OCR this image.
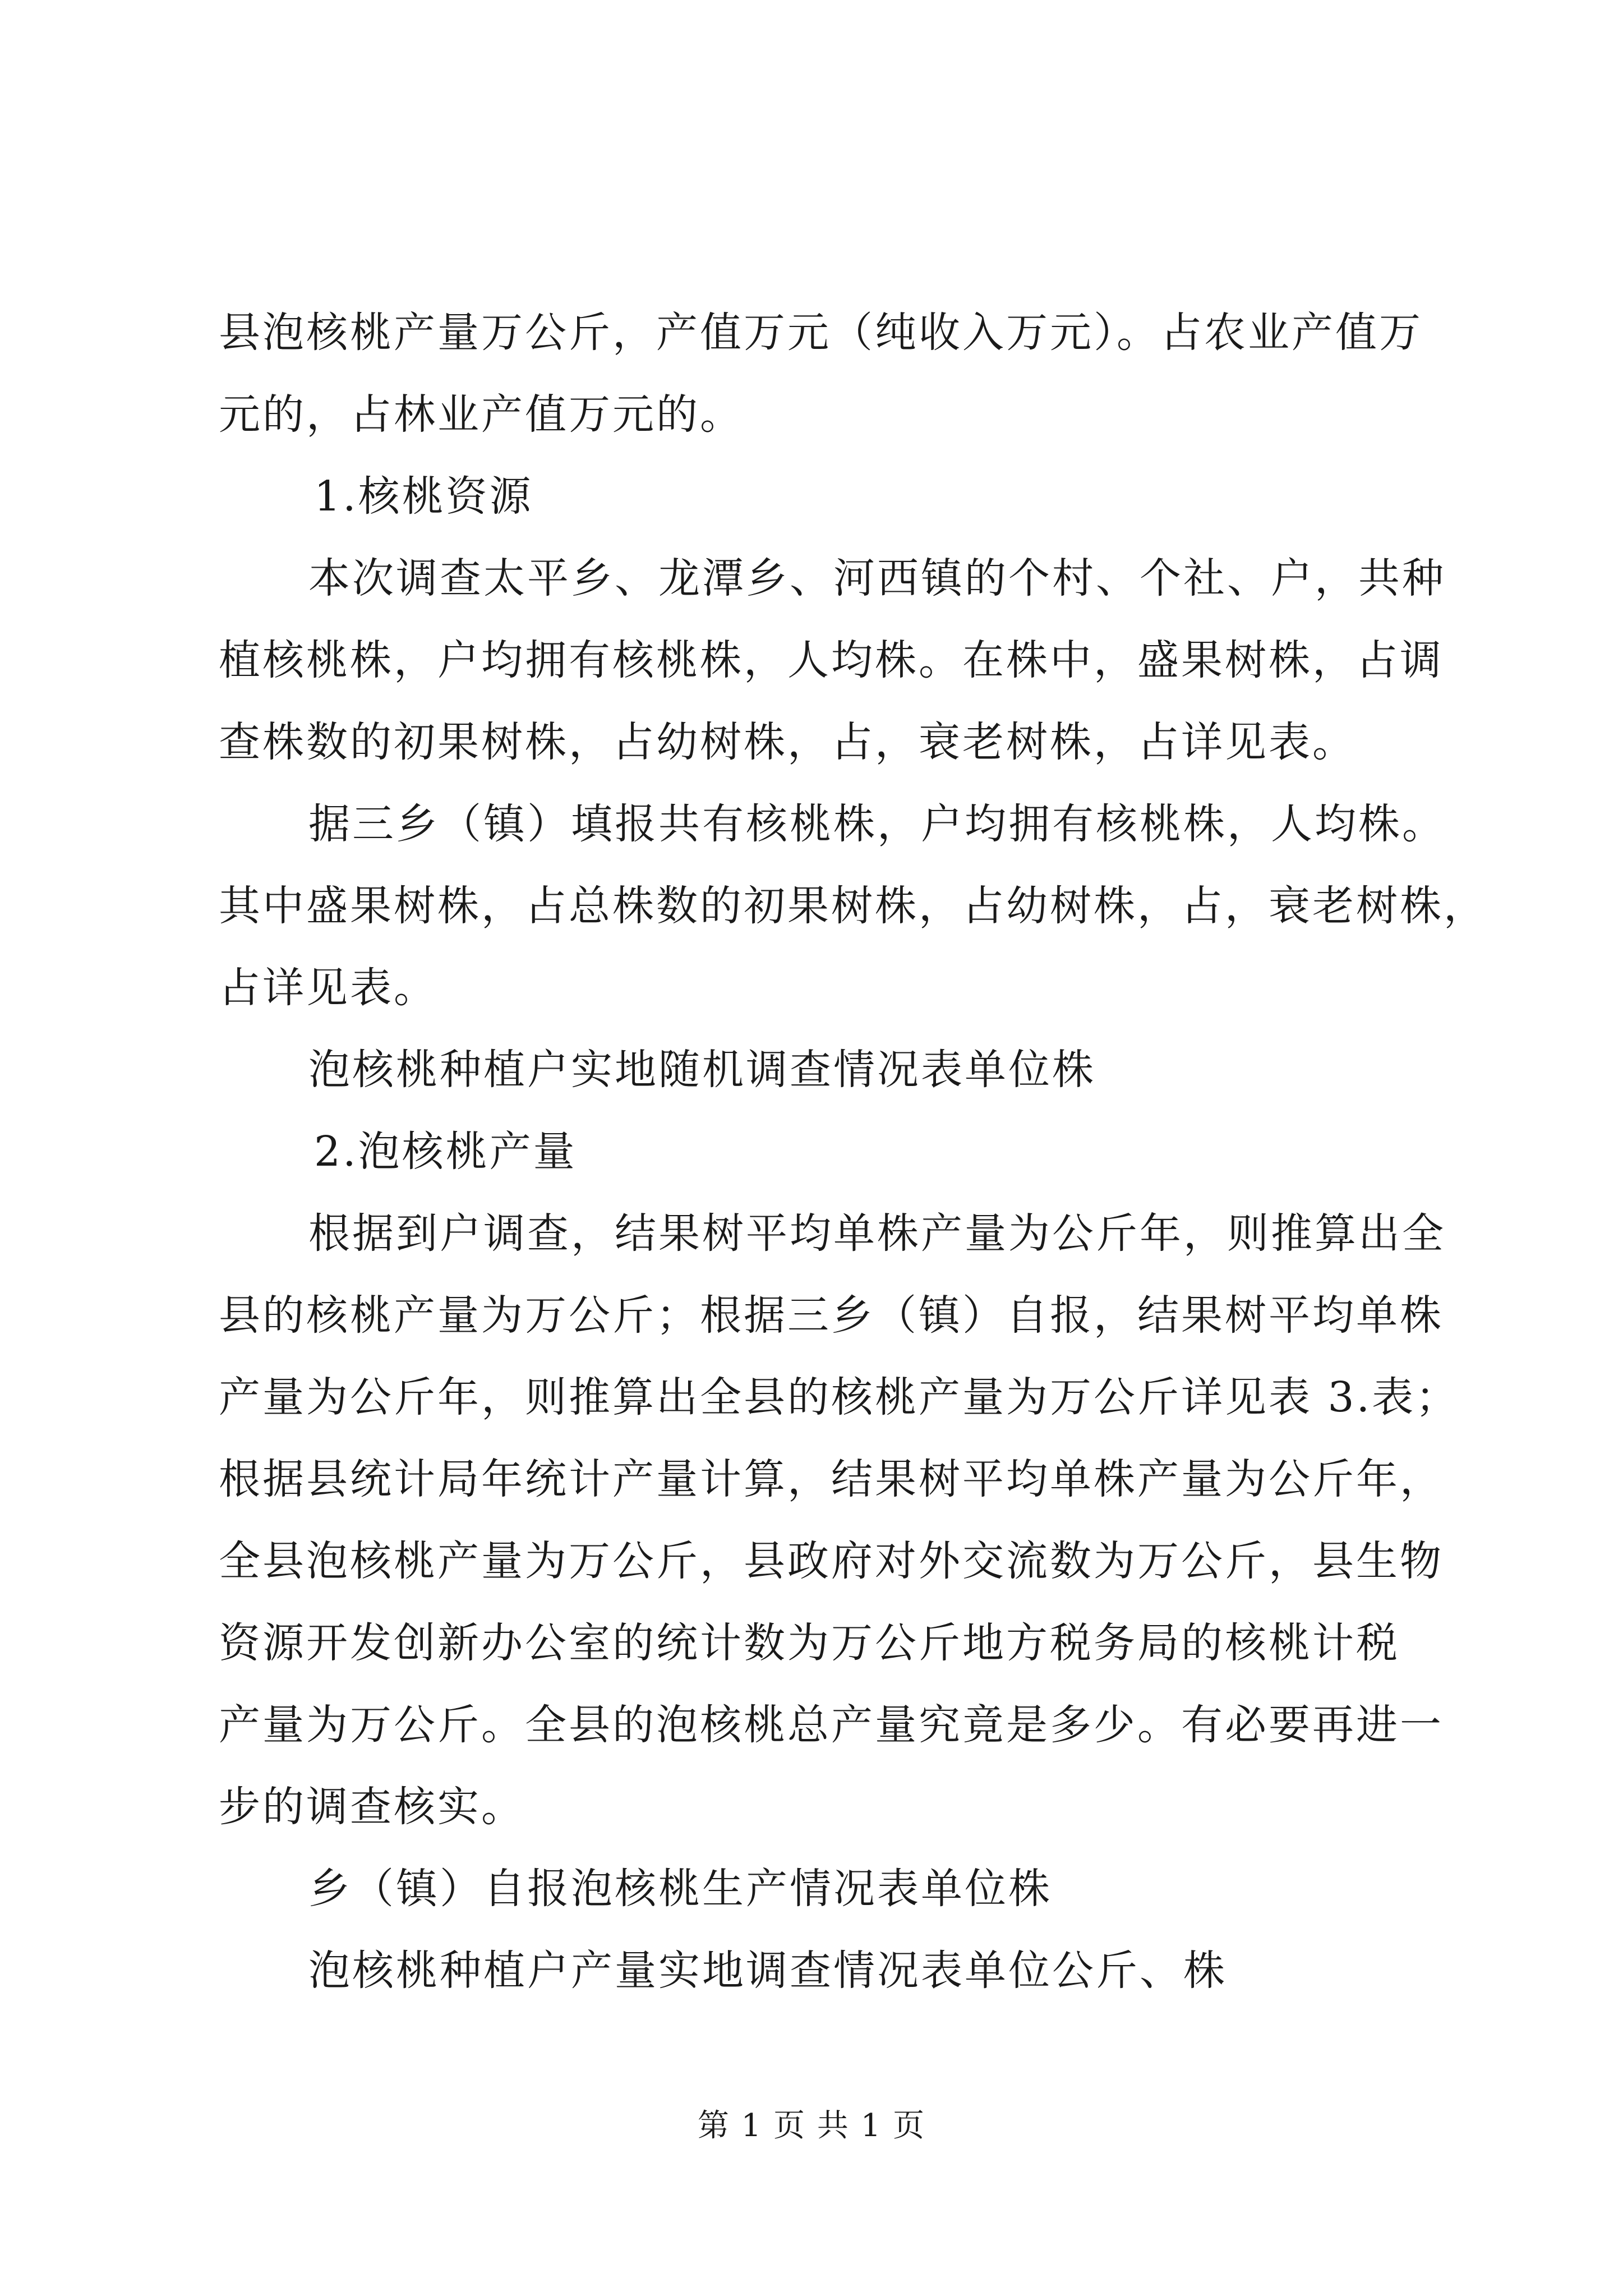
县泡核桃产量万公斤，产值万元（纯收入万元）。占农业产值万
元的，占林业产值万元的。

1.核桃资源

本次调查太平乡、龙潭乡、河西镇的个村、个社、户，共种
植核桃株，户均拥有核桃株，人均株。在株中，盛果树株，占调
查株数的初果树株，占幼树株，占，衰老树株，占详见表。

据三乡（镇）填报共有核桃株，户均拥有核桃株，人均株。
其中盛果树株，占总株数的初果树株，占幼树株，占，衰老树株，
占详见表。

泡核桃种植户实地随机调查情况表单位株

2.泡核桃产量

根据到户调查，结果树平均单株产量为公斤年，则推算出全
县的核桃产量为万公斤；根据三乡（镇）自报，结果树平均单株
产量为公斤年，则推算出全县的核桃产量为万公斤详见表 3.表；
根据县统计局年统计产量计算，结果树平均单株产量为公斤年，
全县泡核桃产量为万公斤，县政府对外交流数为万公斤，县生物
资源开发创新办公室的统计数为万公斤地方税务局的核桃计税
产量为万公斤。全县的泡核桃总产量究竟是多少。有必要再进一
步的调查核实。

乡（镇）自报泡核桃生产情况表单位株

泡核桃种植户产量实地调查情况表单位公斤、株

第 1 页 共 1 页
